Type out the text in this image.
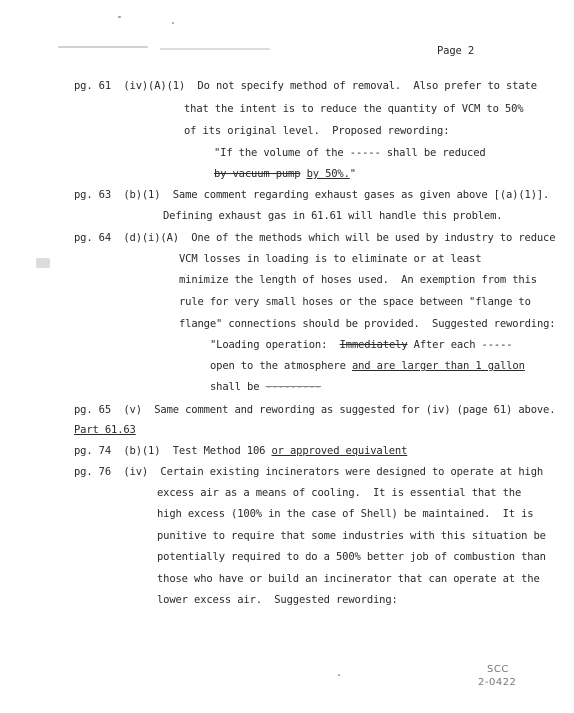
Page 2
pg. 61  (iv)(A)(1)  Do not specify method of removal.  Also prefer to state
that the intent is to reduce the quantity of VCM to 50%
of its original level.  Proposed rewording:
"If the volume of the ----- shall be reduced
by vacuum pump by 50%."
pg. 63  (b)(1)  Same comment regarding exhaust gases as given above [(a)(1)].
Defining exhaust gas in 61.61 will handle this problem.
pg. 64  (d)(i)(A)  One of the methods which will be used by industry to reduce
VCM losses in loading is to eliminate or at least
minimize the length of hoses used.  An exemption from this
rule for very small hoses or the space between "flange to
flange" connections should be provided.  Suggested rewording:
"Loading operation:  Immediately After each -----
open to the atmosphere and are larger than 1 gallon
shall be ---------
pg. 65  (v)  Same comment and rewording as suggested for (iv) (page 61) above.
Part 61.63
pg. 74  (b)(1)  Test Method 106 or approved equivalent
pg. 76  (iv)  Certain existing incinerators were designed to operate at high
excess air as a means of cooling.  It is essential that the
high excess (100% in the case of Shell) be maintained.  It is
punitive to require that some industries with this situation be
potentially required to do a 500% better job of combustion than
those who have or build an incinerator that can operate at the
lower excess air.  Suggested rewording:
SCC
2-0422
